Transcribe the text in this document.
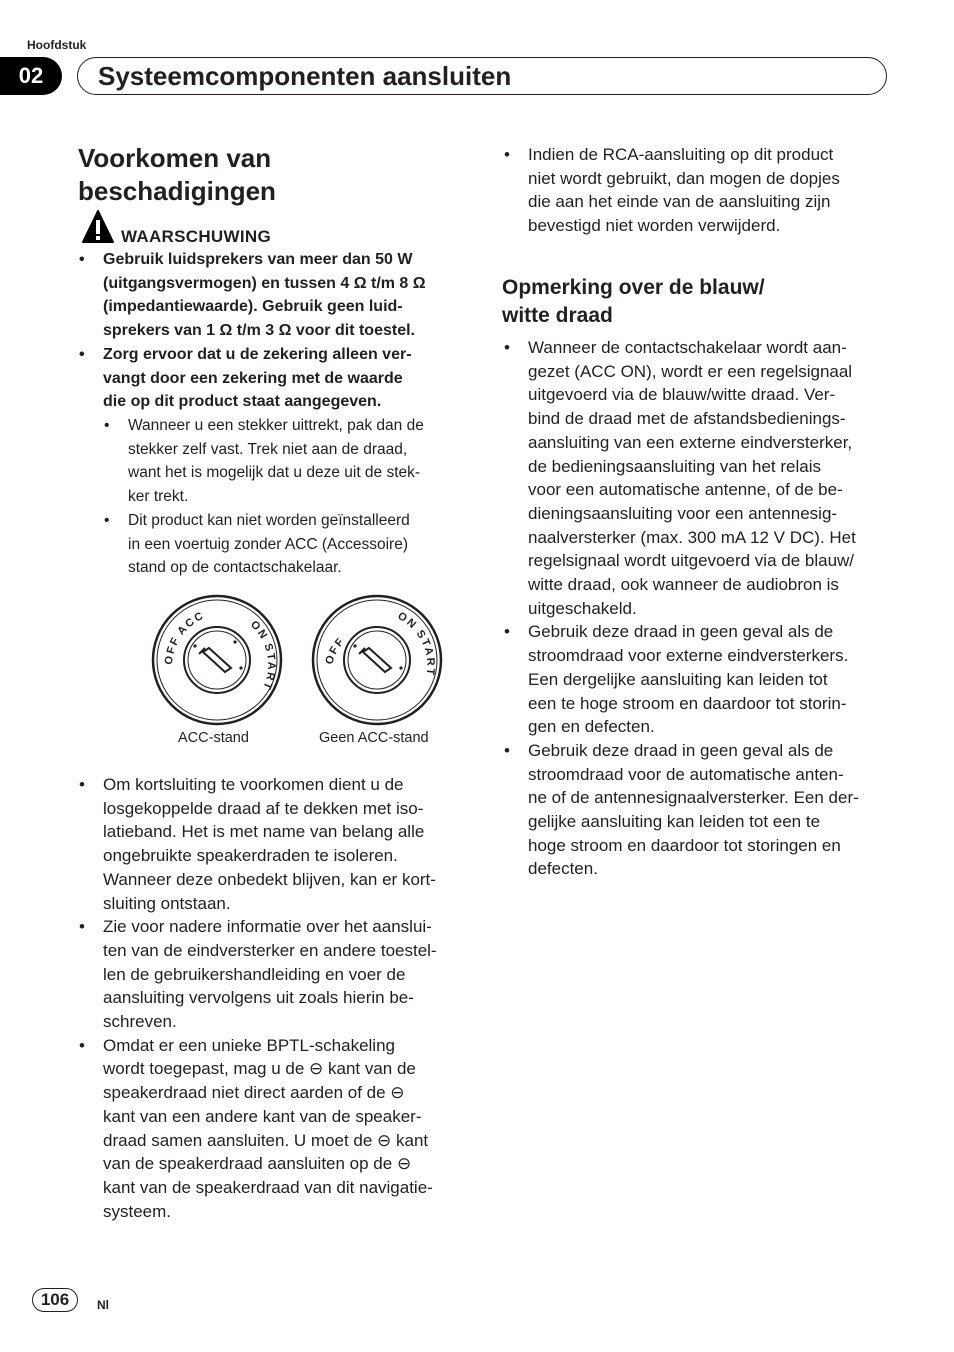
Hoofdstuk
02	Systeemcomponenten aansluiten
Voorkomen van
beschadigingen
WAARSCHUWING
• Gebruik luidsprekers van meer dan 50 W
(uitgangsvermogen) en tussen 4 Ω t/m 8 Ω
(impedantiewaarde). Gebruik geen luid-
sprekers van 1 Ω t/m 3 Ω voor dit toestel.
• Zorg ervoor dat u de zekering alleen ver-
vangt door een zekering met de waarde
die op dit product staat aangegeven.
• Wanneer u een stekker uittrekt, pak dan de
stekker zelf vast. Trek niet aan de draad,
want het is mogelijk dat u deze uit de stek-
ker trekt.
• Dit product kan niet worden geïnstalleerd
in een voertuig zonder ACC (Accessoire)
stand op de contactschakelaar.
OFFACC
ON START
OFF
ON START
ACC-stand	Geen ACC-stand
• Om kortsluiting te voorkomen dient u de
losgekoppelde draad af te dekken met iso-
latieband. Het is met name van belang alle
ongebruikte speakerdraden te isoleren.
Wanneer deze onbedekt blijven, kan er kort-
sluiting ontstaan.
• Zie voor nadere informatie over het aanslui-
ten van de eindversterker en andere toestel-
len de gebruikershandleiding en voer de
aansluiting vervolgens uit zoals hierin be-
schreven.
• Omdat er een unieke BPTL-schakeling
wordt toegepast, mag u de ⊖ kant van de
speakerdraad niet direct aarden of de ⊖
kant van een andere kant van de speaker-
draad samen aansluiten. U moet de ⊖ kant
van de speakerdraad aansluiten op de ⊖
kant van de speakerdraad van dit navigatie-
systeem.
• Indien de RCA-aansluiting op dit product
niet wordt gebruikt, dan mogen de dopjes
die aan het einde van de aansluiting zijn
bevestigd niet worden verwijderd.
Opmerking over de blauw/
witte draad
• Wanneer de contactschakelaar wordt aan-
gezet (ACC ON), wordt er een regelsignaal
uitgevoerd via de blauw/witte draad. Ver-
bind de draad met de afstandsbedienings-
aansluiting van een externe eindversterker,
de bedieningsaansluiting van het relais
voor een automatische antenne, of de be-
dieningsaansluiting voor een antennesig-
naalversterker (max. 300 mA 12 V DC). Het
regelsignaal wordt uitgevoerd via de blauw/
witte draad, ook wanneer de audiobron is
uitgeschakeld.
• Gebruik deze draad in geen geval als de
stroomdraad voor externe eindversterkers.
Een dergelijke aansluiting kan leiden tot
een te hoge stroom en daardoor tot storin-
gen en defecten.
• Gebruik deze draad in geen geval als de
stroomdraad voor de automatische anten-
ne of de antennesignaalversterker. Een der-
gelijke aansluiting kan leiden tot een te
hoge stroom en daardoor tot storingen en
defecten.
106	Nl
